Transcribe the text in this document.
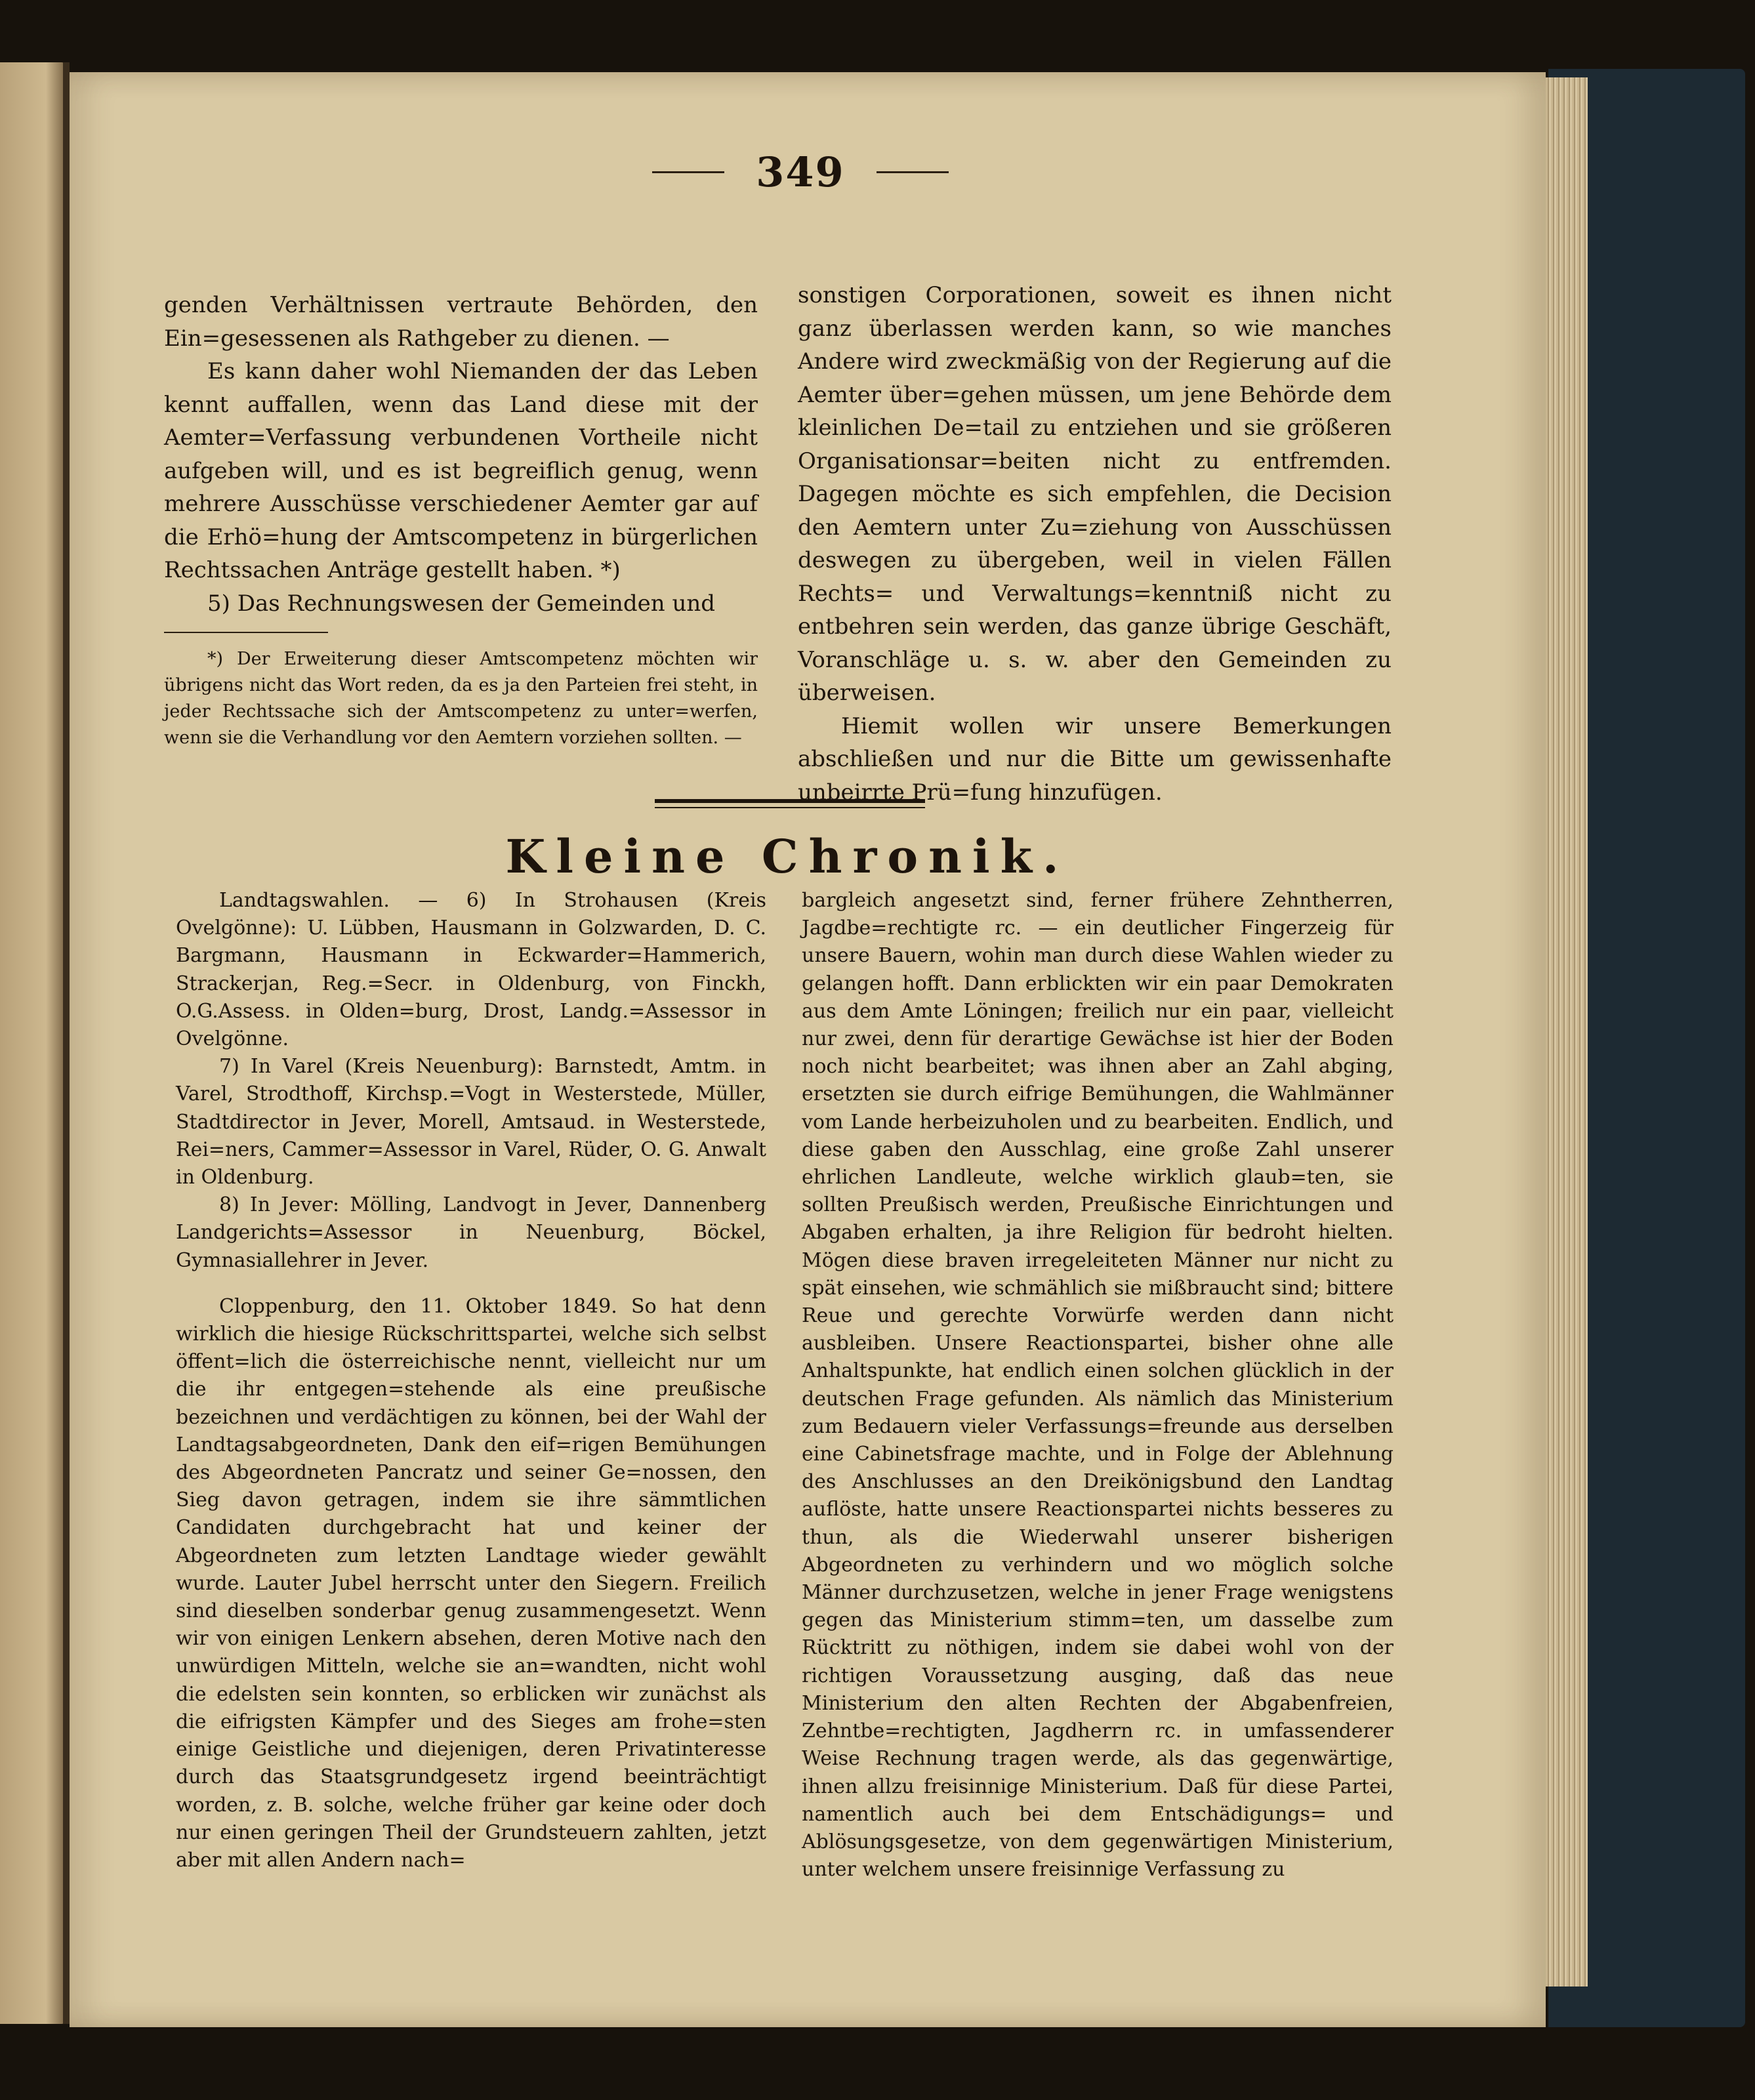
349

genden Verhältnissen vertraute Behörden, den Ein=gesessenen als Rathgeber zu dienen. —

Es kann daher wohl Niemanden der das Leben kennt auffallen, wenn das Land diese mit der Aemter=Verfassung verbundenen Vortheile nicht aufgeben will, und es ist begreiflich genug, wenn mehrere Ausschüsse verschiedener Aemter gar auf die Erhö=hung der Amtscompetenz in bürgerlichen Rechtssachen Anträge gestellt haben. *)

5) Das Rechnungswesen der Gemeinden und

*) Der Erweiterung dieser Amtscompetenz möchten wir übrigens nicht das Wort reden, da es ja den Parteien frei steht, in jeder Rechtssache sich der Amtscompetenz zu unter=werfen, wenn sie die Verhandlung vor den Aemtern vorziehen sollten. —

sonstigen Corporationen, soweit es ihnen nicht ganz überlassen werden kann, so wie manches Andere wird zweckmäßig von der Regierung auf die Aemter über=gehen müssen, um jene Behörde dem kleinlichen De=tail zu entziehen und sie größeren Organisationsar=beiten nicht zu entfremden. Dagegen möchte es sich empfehlen, die Decision den Aemtern unter Zu=ziehung von Ausschüssen deswegen zu übergeben, weil in vielen Fällen Rechts= und Verwaltungs=kenntniß nicht zu entbehren sein werden, das ganze übrige Geschäft, Voranschläge u. s. w. aber den Gemeinden zu überweisen.

Hiemit wollen wir unsere Bemerkungen abschließen und nur die Bitte um gewissenhafte unbeirrte Prü=fung hinzufügen.

Kleine Chronik.

Landtagswahlen. — 6) In Strohausen (Kreis Ovelgönne): U. Lübben, Hausmann in Golzwarden, D. C. Bargmann, Hausmann in Eckwarder=Hammerich, Strackerjan, Reg.=Secr. in Oldenburg, von Finckh, O.G.Assess. in Olden=burg, Drost, Landg.=Assessor in Ovelgönne.

7) In Varel (Kreis Neuenburg): Barnstedt, Amtm. in Varel, Strodthoff, Kirchsp.=Vogt in Westerstede, Müller, Stadtdirector in Jever, Morell, Amtsaud. in Westerstede, Rei=ners, Cammer=Assessor in Varel, Rüder, O. G. Anwalt in Oldenburg.

8) In Jever: Mölling, Landvogt in Jever, Dannenberg Landgerichts=Assessor in Neuenburg, Böckel, Gymnasiallehrer in Jever.

Cloppenburg, den 11. Oktober 1849. So hat denn wirklich die hiesige Rückschrittspartei, welche sich selbst öffent=lich die österreichische nennt, vielleicht nur um die ihr entgegen=stehende als eine preußische bezeichnen und verdächtigen zu können, bei der Wahl der Landtagsabgeordneten, Dank den eif=rigen Bemühungen des Abgeordneten Pancratz und seiner Ge=nossen, den Sieg davon getragen, indem sie ihre sämmtlichen Candidaten durchgebracht hat und keiner der Abgeordneten zum letzten Landtage wieder gewählt wurde. Lauter Jubel herrscht unter den Siegern. Freilich sind dieselben sonderbar genug zusammengesetzt. Wenn wir von einigen Lenkern absehen, deren Motive nach den unwürdigen Mitteln, welche sie an=wandten, nicht wohl die edelsten sein konnten, so erblicken wir zunächst als die eifrigsten Kämpfer und des Sieges am frohe=sten einige Geistliche und diejenigen, deren Privatinteresse durch das Staatsgrundgesetz irgend beeinträchtigt worden, z. B. solche, welche früher gar keine oder doch nur einen geringen Theil der Grundsteuern zahlten, jetzt aber mit allen Andern nach=

bargleich angesetzt sind, ferner frühere Zehntherren, Jagdbe=rechtigte rc. — ein deutlicher Fingerzeig für unsere Bauern, wohin man durch diese Wahlen wieder zu gelangen hofft. Dann erblickten wir ein paar Demokraten aus dem Amte Löningen; freilich nur ein paar, vielleicht nur zwei, denn für derartige Gewächse ist hier der Boden noch nicht bearbeitet; was ihnen aber an Zahl abging, ersetzten sie durch eifrige Bemühungen, die Wahlmänner vom Lande herbeizuholen und zu bearbeiten. Endlich, und diese gaben den Ausschlag, eine große Zahl unserer ehrlichen Landleute, welche wirklich glaub=ten, sie sollten Preußisch werden, Preußische Einrichtungen und Abgaben erhalten, ja ihre Religion für bedroht hielten. Mögen diese braven irregeleiteten Männer nur nicht zu spät einsehen, wie schmählich sie mißbraucht sind; bittere Reue und gerechte Vorwürfe werden dann nicht ausbleiben. Unsere Reactionspartei, bisher ohne alle Anhaltspunkte, hat endlich einen solchen glücklich in der deutschen Frage gefunden. Als nämlich das Ministerium zum Bedauern vieler Verfassungs=freunde aus derselben eine Cabinetsfrage machte, und in Folge der Ablehnung des Anschlusses an den Dreikönigsbund den Landtag auflöste, hatte unsere Reactionspartei nichts besseres zu thun, als die Wiederwahl unserer bisherigen Abgeordneten zu verhindern und wo möglich solche Männer durchzusetzen, welche in jener Frage wenigstens gegen das Ministerium stimm=ten, um dasselbe zum Rücktritt zu nöthigen, indem sie dabei wohl von der richtigen Voraussetzung ausging, daß das neue Ministerium den alten Rechten der Abgabenfreien, Zehntbe=rechtigten, Jagdherrn rc. in umfassenderer Weise Rechnung tragen werde, als das gegenwärtige, ihnen allzu freisinnige Ministerium. Daß für diese Partei, namentlich auch bei dem Entschädigungs= und Ablösungsgesetze, von dem gegenwärtigen Ministerium, unter welchem unsere freisinnige Verfassung zu
